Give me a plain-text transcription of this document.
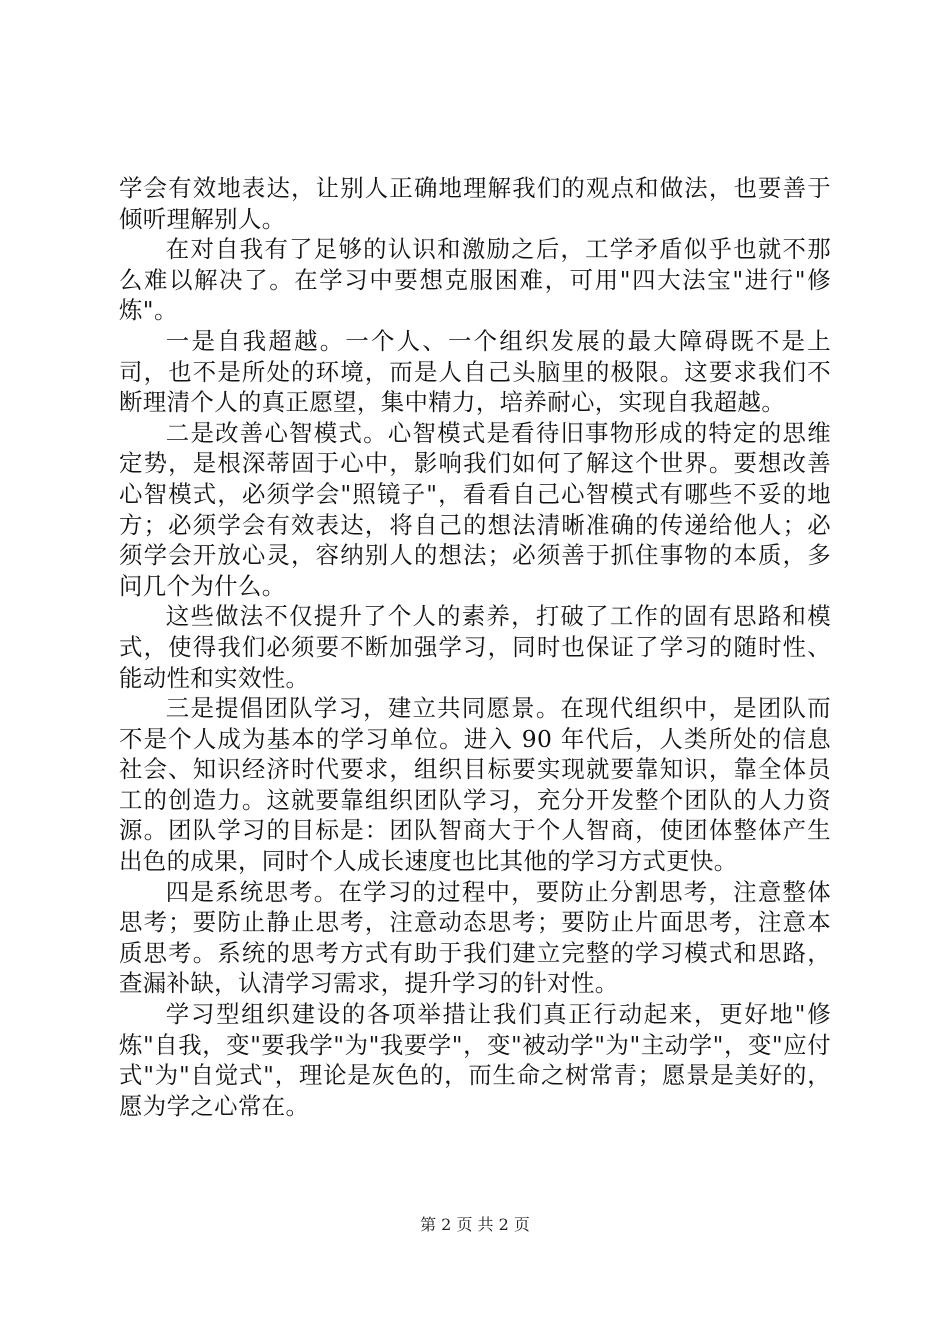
学会有效地表达，让别人正确地理解我们的观点和做法，也要善于倾听理解别人。

在对自我有了足够的认识和激励之后，工学矛盾似乎也就不那么难以解决了。在学习中要想克服困难，可用"四大法宝"进行"修炼"。

一是自我超越。一个人、一个组织发展的最大障碍既不是上司，也不是所处的环境，而是人自己头脑里的极限。这要求我们不断理清个人的真正愿望，集中精力，培养耐心，实现自我超越。

二是改善心智模式。心智模式是看待旧事物形成的特定的思维定势，是根深蒂固于心中，影响我们如何了解这个世界。要想改善心智模式，必须学会"照镜子"，看看自己心智模式有哪些不妥的地方；必须学会有效表达，将自己的想法清晰准确的传递给他人；必须学会开放心灵，容纳别人的想法；必须善于抓住事物的本质，多问几个为什么。

这些做法不仅提升了个人的素养，打破了工作的固有思路和模式，使得我们必须要不断加强学习，同时也保证了学习的随时性、能动性和实效性。

三是提倡团队学习，建立共同愿景。在现代组织中，是团队而不是个人成为基本的学习单位。进入 90 年代后，人类所处的信息社会、知识经济时代要求，组织目标要实现就要靠知识，靠全体员工的创造力。这就要靠组织团队学习，充分开发整个团队的人力资源。团队学习的目标是：团队智商大于个人智商，使团体整体产生出色的成果，同时个人成长速度也比其他的学习方式更快。

四是系统思考。在学习的过程中，要防止分割思考，注意整体思考；要防止静止思考，注意动态思考；要防止片面思考，注意本质思考。系统的思考方式有助于我们建立完整的学习模式和思路，查漏补缺，认清学习需求，提升学习的针对性。

学习型组织建设的各项举措让我们真正行动起来，更好地"修炼"自我，变"要我学"为"我要学"，变"被动学"为"主动学"，变"应付式"为"自觉式"，理论是灰色的，而生命之树常青；愿景是美好的，愿为学之心常在。

第 2 页 共 2 页
